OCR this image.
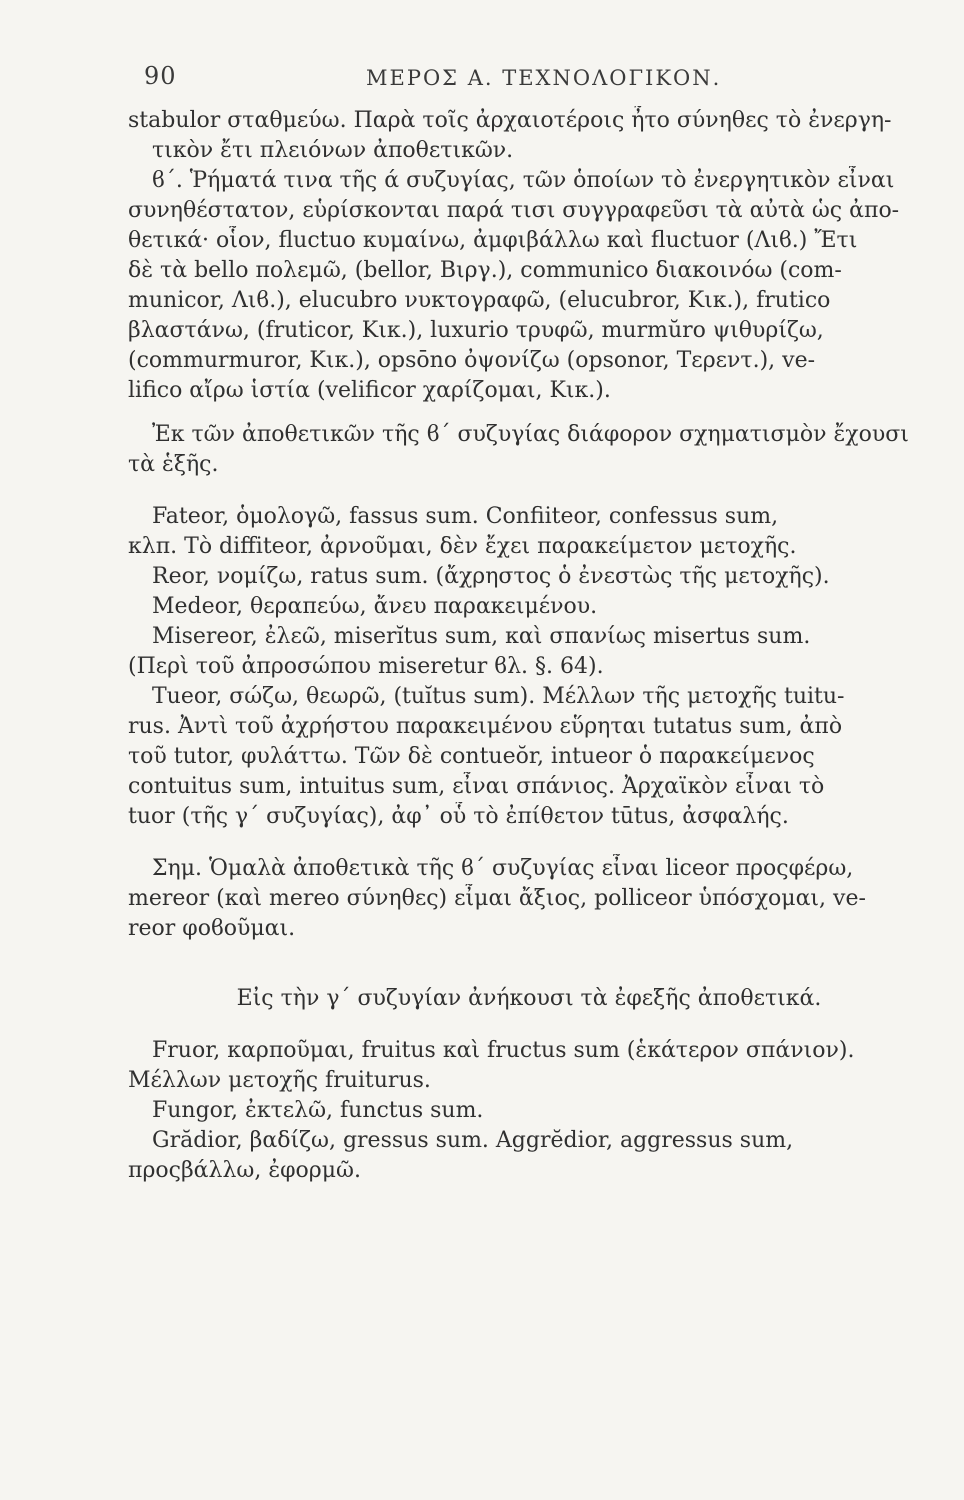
90	ΜΕΡΟΣ Α. ΤΕΧΝΟΛΟΓΙΚΟΝ.
stabulor σταθμεύω. Παρὰ τοῖς ἀρχαιοτέροις ἦτο σύνηθες τὸ ἐνεργη-
τικὸν ἔτι πλειόνων ἀποθετικῶν.
ϐ΄. Ῥήματά τινα τῆς ά συζυγίας, τῶν ὁποίων τὸ ἐνεργητικὸν εἶναι
συνηθέστατον, εὑρίσκονται παρά τισι συγγραφεῦσι τὰ αὐτὰ ὡς ἀπο-
θετικά· οἷον, fluctuo κυμαίνω, ἀμφιβάλλω καὶ fluctuor (Λιϐ.) Ἔτι
δὲ τὰ bello πολεμῶ, (bellor, Βιργ.), communico διακοινόω (com-
municor, Λιϐ.), elucubro νυκτογραφῶ, (elucubror, Κικ.), frutico
βλαστάνω, (fruticor, Κικ.), luxurio τρυφῶ, murmŭro ψιθυρίζω,
(commurmuror, Κικ.), opsōno ὀψονίζω (opsonor, Τερεντ.), ve-
lifico αἴρω ἱστία (velificor χαρίζομαι, Κικ.).
Ἐκ τῶν ἀποθετικῶν τῆς ϐ΄ συζυγίας διάφορον σχηματισμὸν ἔχουσι
τὰ ἑξῆς.
Fateor, ὁμολογῶ, fassus sum. Confiiteor, confessus sum,
κλπ. Τὸ diffiteor, ἀρνοῦμαι, δὲν ἔχει παρακείμετον μετοχῆς.
Reor, νομίζω, ratus sum. (ἄχρηστος ὁ ἐνεστὼς τῆς μετοχῆς).
Medeor, θεραπεύω, ἄνευ παρακειμένου.
Misereor, ἐλεῶ, miserĭtus sum, καὶ σπανίως misertus sum.
(Περὶ τοῦ ἀπροσώπου miseretur ϐλ. §. 64).
Tueor, σώζω, θεωρῶ, (tuĭtus sum). Μέλλων τῆς μετοχῆς tuitu-
rus. Ἀντὶ τοῦ ἀχρήστου παρακειμένου εὕρηται tutatus sum, ἀπὸ
τοῦ tutor, φυλάττω. Τῶν δὲ contueŏr, intueor ὁ παρακείμενος
contuitus sum, intuitus sum, εἶναι σπάνιος. Ἀρχαϊκὸν εἶναι τὸ
tuor (τῆς γ΄ συζυγίας), ἀφ᾿ οὗ τὸ ἐπίθετον tūtus, ἀσφαλής.
Σημ. Ὁμαλὰ ἀποθετικὰ τῆς ϐ΄ συζυγίας εἶναι liceor προςφέρω,
mereor (καὶ mereo σύνηθες) εἶμαι ἄξιος, polliceor ὑπόσχομαι, ve-
reor φοϐοῦμαι.
Εἰς τὴν γ΄ συζυγίαν ἀνήκουσι τὰ ἐφεξῆς ἀποθετικά.
Fruor, καρποῦμαι, fruitus καὶ fructus sum (ἑκάτερον σπάνιον).
Μέλλων μετοχῆς fruiturus.
Fungor, ἐκτελῶ, functus sum.
Grădior, βαδίζω, gressus sum. Aggrĕdior, aggressus sum,
προςβάλλω, ἐφορμῶ.
